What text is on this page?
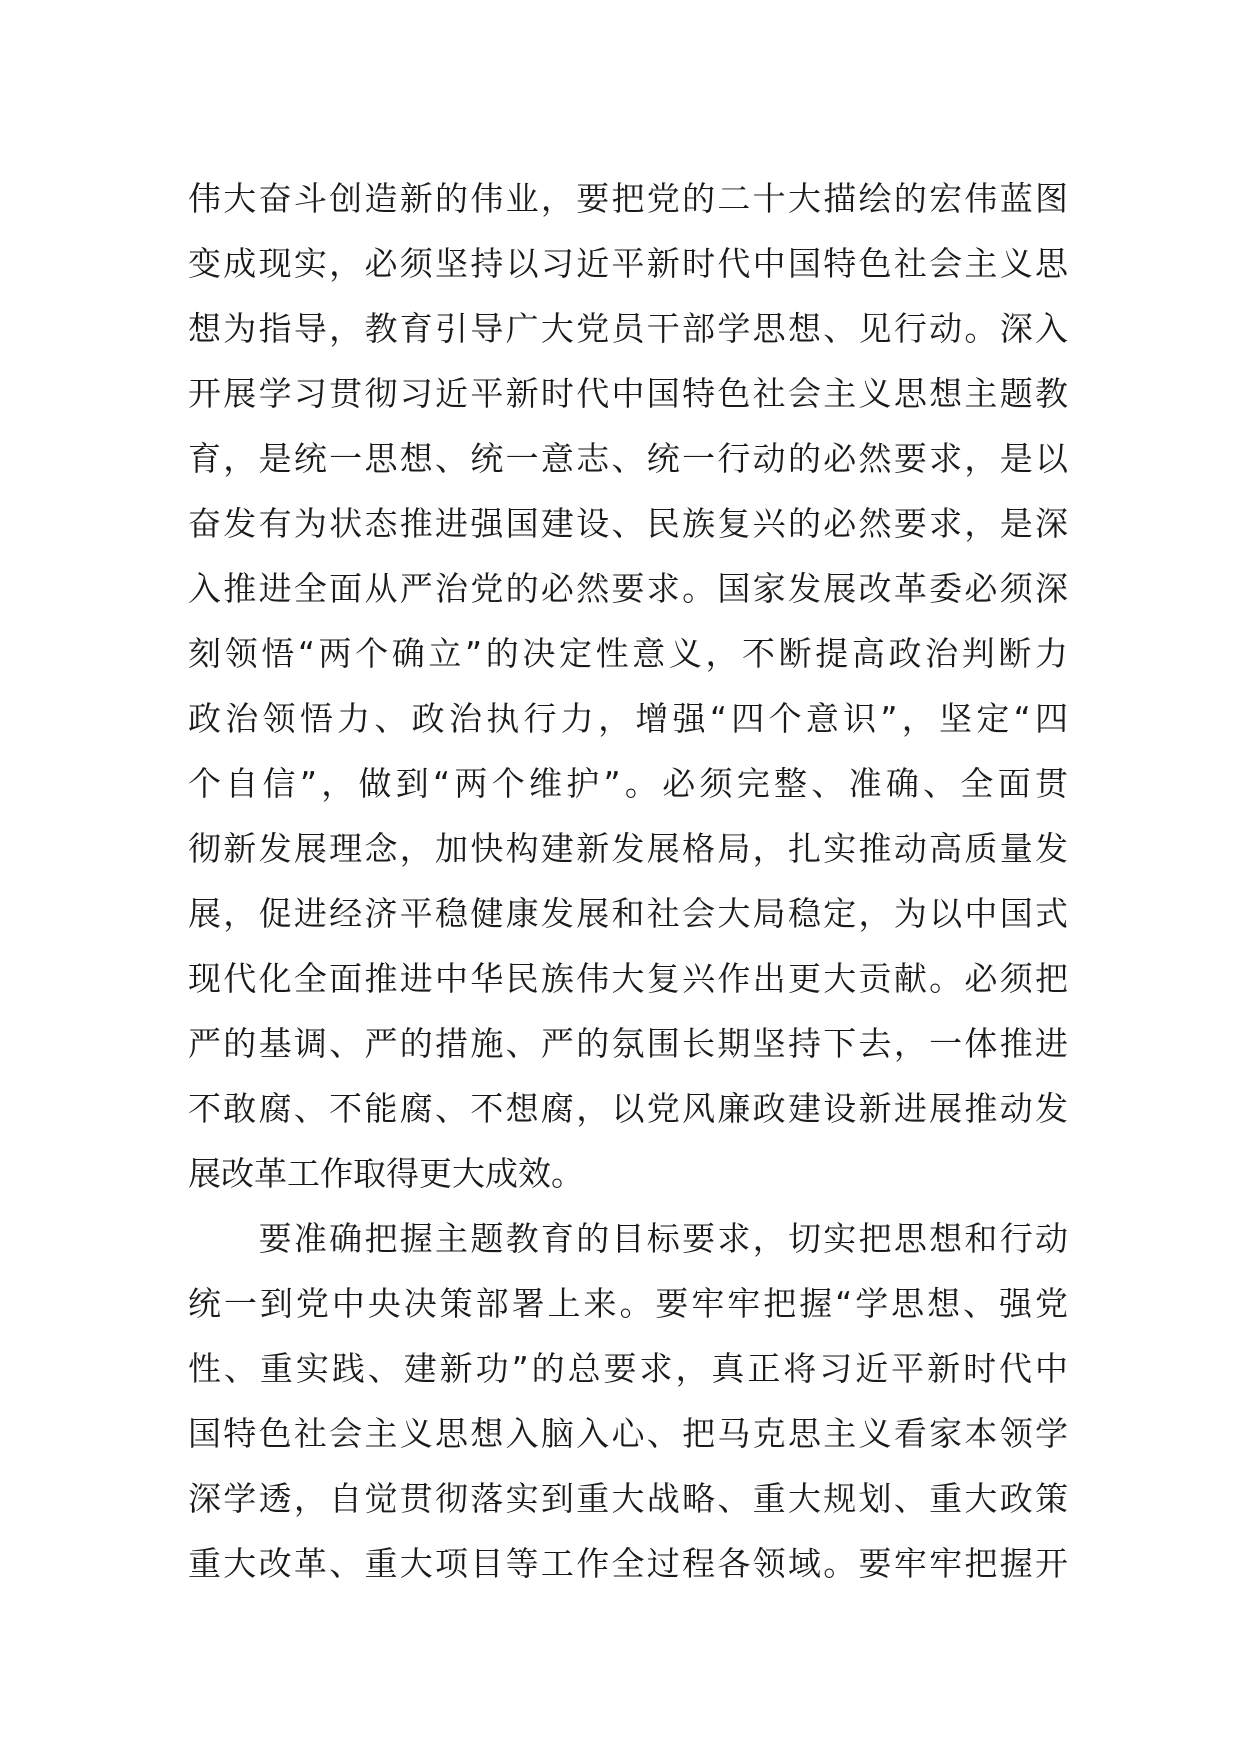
伟大奋斗创造新的伟业，要把党的二十大描绘的宏伟蓝图
变成现实，必须坚持以习近平新时代中国特色社会主义思
想为指导，教育引导广大党员干部学思想、见行动。深入
开展学习贯彻习近平新时代中国特色社会主义思想主题教
育，是统一思想、统一意志、统一行动的必然要求，是以
奋发有为状态推进强国建设、民族复兴的必然要求，是深
入推进全面从严治党的必然要求。国家发展改革委必须深
刻领悟“两个确立”的决定性意义，不断提高政治判断力
政治领悟力、政治执行力，增强“四个意识”，坚定“四
个自信”，做到“两个维护”。必须完整、准确、全面贯
彻新发展理念，加快构建新发展格局，扎实推动高质量发
展，促进经济平稳健康发展和社会大局稳定，为以中国式
现代化全面推进中华民族伟大复兴作出更大贡献。必须把
严的基调、严的措施、严的氛围长期坚持下去，一体推进
不敢腐、不能腐、不想腐，以党风廉政建设新进展推动发
展改革工作取得更大成效。
　　要准确把握主题教育的目标要求，切实把思想和行动
统一到党中央决策部署上来。要牢牢把握“学思想、强党
性、重实践、建新功”的总要求，真正将习近平新时代中
国特色社会主义思想入脑入心、把马克思主义看家本领学
深学透，自觉贯彻落实到重大战略、重大规划、重大政策
重大改革、重大项目等工作全过程各领域。要牢牢把握开
